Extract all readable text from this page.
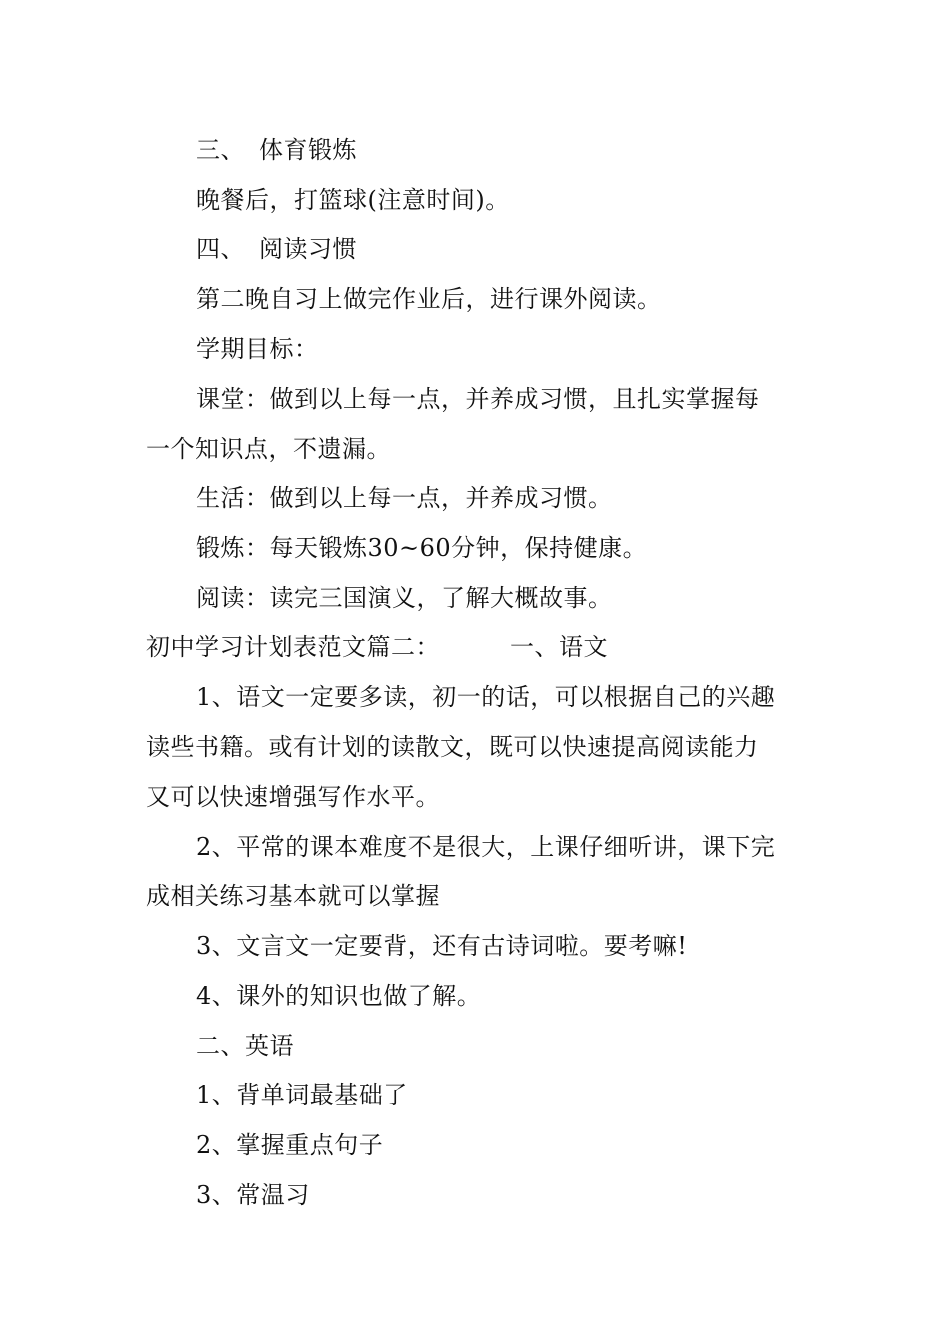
三、 体育锻炼
晚餐后，打篮球(注意时间)。
四、 阅读习惯
第二晚自习上做完作业后，进行课外阅读。
学期目标：
课堂：做到以上每一点，并养成习惯，且扎实掌握每
一个知识点，不遗漏。
生活：做到以上每一点，并养成习惯。
锻炼：每天锻炼30~60分钟，保持健康。
阅读：读完三国演义，了解大概故事。
初中学习计划表范文篇二：	一、语文
1、语文一定要多读，初一的话，可以根据自己的兴趣
读些书籍。或有计划的读散文，既可以快速提高阅读能力
又可以快速增强写作水平。
2、平常的课本难度不是很大，上课仔细听讲，课下完
成相关练习基本就可以掌握
3、文言文一定要背，还有古诗词啦。要考嘛!
4、课外的知识也做了解。
二、英语
1、背单词最基础了
2、掌握重点句子
3、常温习
